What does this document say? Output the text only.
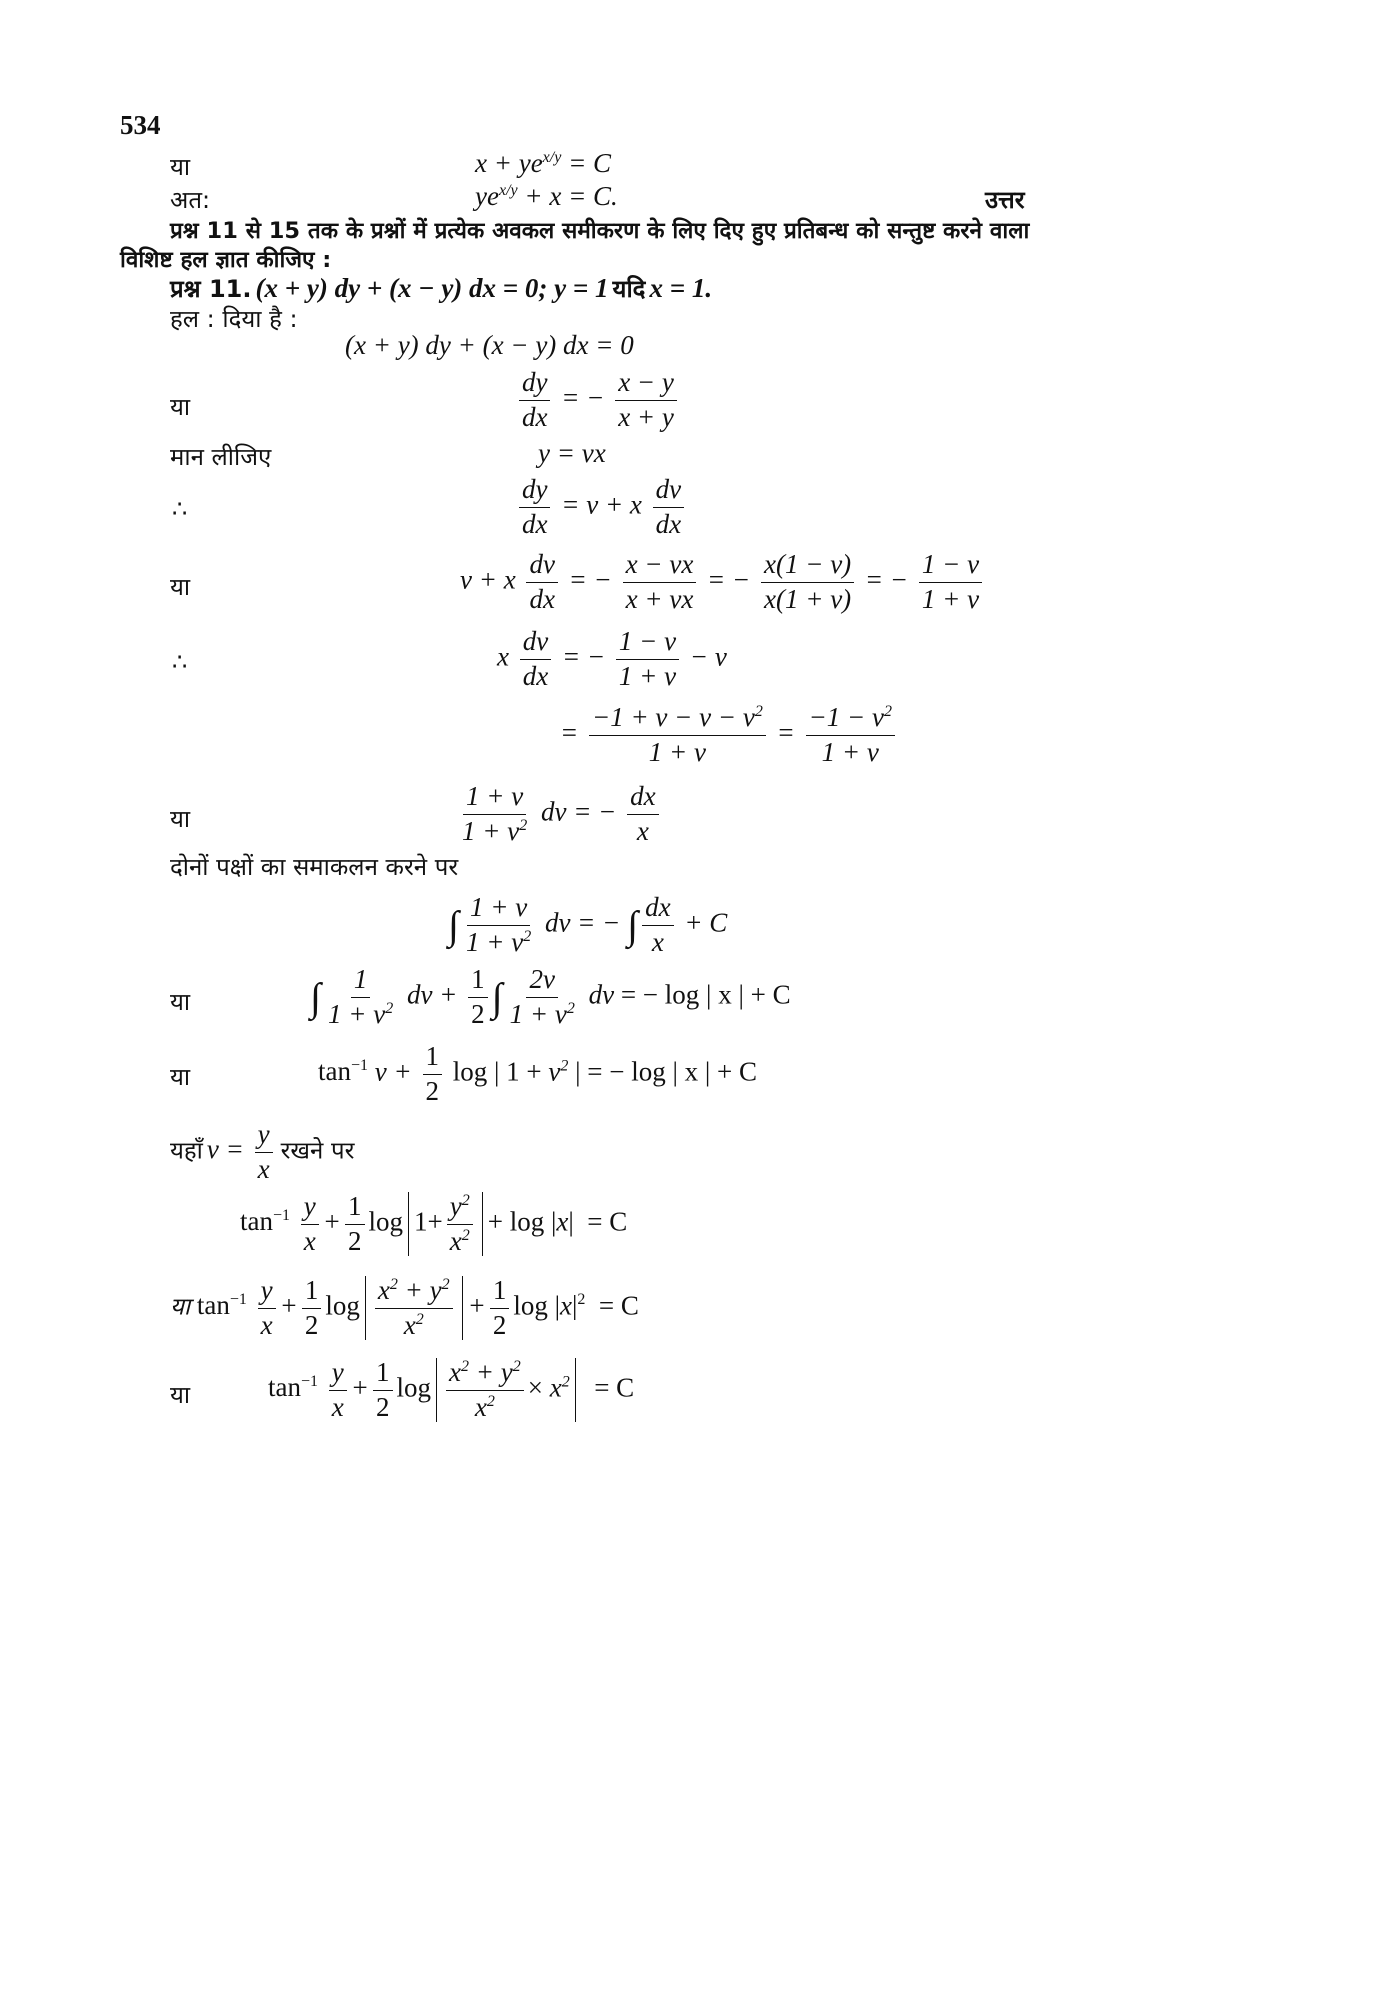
534
या	$x + ye^{x/y} = C$
अत:	$ye^{x/y} + x = C$.	उत्तर
प्रश्न 11 से 15 तक के प्रश्नों में प्रत्येक अवकल समीकरण के लिए दिए हुए प्रतिबन्ध को सन्तुष्ट करने वाला
विशिष्ट हल ज्ञात कीजिए :
प्रश्न 11. (x + y) dy + (x − y) dx = 0; y = 1 यदि x = 1.
हल : दिया है :
(x + y) dy + (x − y) dx = 0
या	$\frac{dy}{dx}$ = − $\frac{x - y}{x + y}$
मान लीजिए	y = vx
∴	$\frac{dy}{dx} = v + x \frac{dv}{dx}$
या	v + x $\frac{dv}{dx}$ = − $\frac{x - vx}{x + vx}$ = − $\frac{x(1 - v)}{x(1 + v)}$ = − $\frac{1 - v}{1 + v}$
∴	x $\frac{dv}{dx}$ = − $\frac{1 - v}{1 + v} - v$
= $\frac{-1 + v - v - v^2}{1 + v} = \frac{-1 - v^2}{1 + v}$
या	$\frac{1 + v}{1 + v^2}$ dv = − $\frac{dx}{x}$
दोनों पक्षों का समाकलन करने पर
∫ $\frac{1 + v}{1 + v^2}$ dv = − ∫ $\frac{dx}{x} + C$
या	∫ $\frac{1}{1 + v^2}$ dv + $\frac{1}{2}$ ∫ $\frac{2v}{1 + v^2}$ dv = − log | x | + C
या	$\tan^{-1} v + \frac{1}{2}$ log | $1 + v^2$ | = − log | x | + C
यहाँ $v = \frac{y}{x}$ रखने पर
$\tan^{-1} \frac{y}{x} + \frac{1}{2}$ $\log 1+ \frac{y^2}{x^2} + \log |x| = C$
या $\tan^{-1} \frac{y}{x} + \frac{1}{2}$ $\log \frac{x^2 + y^2}{x^2} + \frac{1}{2}$ $\log |x|^2 = C$
या	$\tan^{-1} \frac{y}{x} + \frac{1}{2}$ $\log \frac{x^2 + y^2}{x^2} \times x^2 = C$
